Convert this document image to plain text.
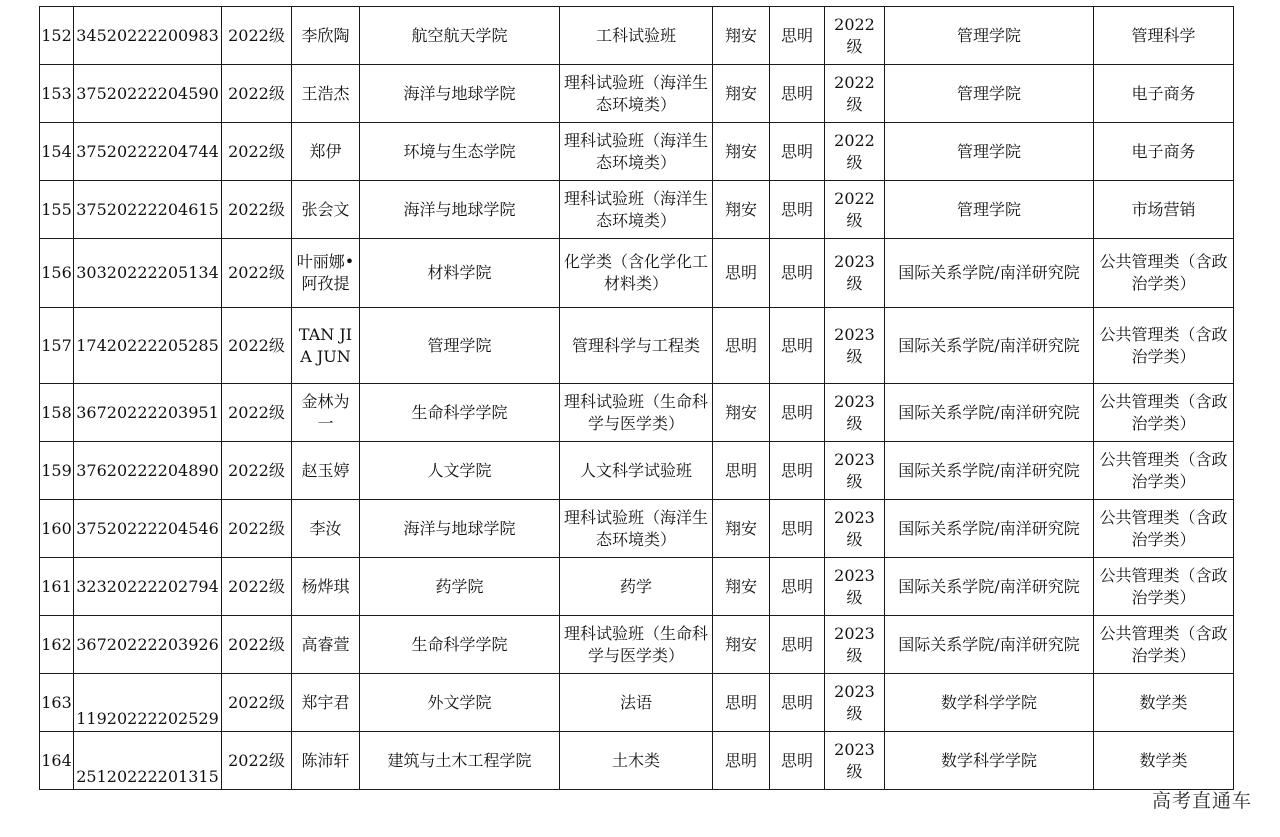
152	34520222200983	2022级	李欣陶	航空航天学院	工科试验班	翔安	思明	2022级	管理学院	管理科学

153	37520222204590	2022级	王浩杰	海洋与地球学院	理科试验班（海洋生态环境类）	翔安	思明	2022级	管理学院	电子商务

154	37520222204744	2022级	郑伊	环境与生态学院	理科试验班（海洋生态环境类）	翔安	思明	2022级	管理学院	电子商务

155	37520222204615	2022级	张会文	海洋与地球学院	理科试验班（海洋生态环境类）	翔安	思明	2022级	管理学院	市场营销

156	30320222205134	2022级	叶丽娜•阿孜提	材料学院	化学类（含化学化工材料类）	思明	思明	2023级	国际关系学院/南洋研究院	公共管理类（含政治学类）

157	17420222205285	2022级	TAN JIA JUN	管理学院	管理科学与工程类	思明	思明	2023级	国际关系学院/南洋研究院	公共管理类（含政治学类）

158	36720222203951	2022级	金林为一	生命科学学院	理科试验班（生命科学与医学类）	翔安	思明	2023级	国际关系学院/南洋研究院	公共管理类（含政治学类）

159	37620222204890	2022级	赵玉婷	人文学院	人文科学试验班	思明	思明	2023级	国际关系学院/南洋研究院	公共管理类（含政治学类）

160	37520222204546	2022级	李汝	海洋与地球学院	理科试验班（海洋生态环境类）	翔安	思明	2023级	国际关系学院/南洋研究院	公共管理类（含政治学类）

161	32320222202794	2022级	杨烨琪	药学院	药学	翔安	思明	2023级	国际关系学院/南洋研究院	公共管理类（含政治学类）

162	36720222203926	2022级	高睿萱	生命科学学院	理科试验班（生命科学与医学类）	翔安	思明	2023级	国际关系学院/南洋研究院	公共管理类（含政治学类）

163	11920222202529	2022级	郑宇君	外文学院	法语	思明	思明	2023级	数学科学学院	数学类

164	25120222201315	2022级	陈沛轩	建筑与土木工程学院	土木类	思明	思明	2023级	数学科学学院	数学类
高考直通车
